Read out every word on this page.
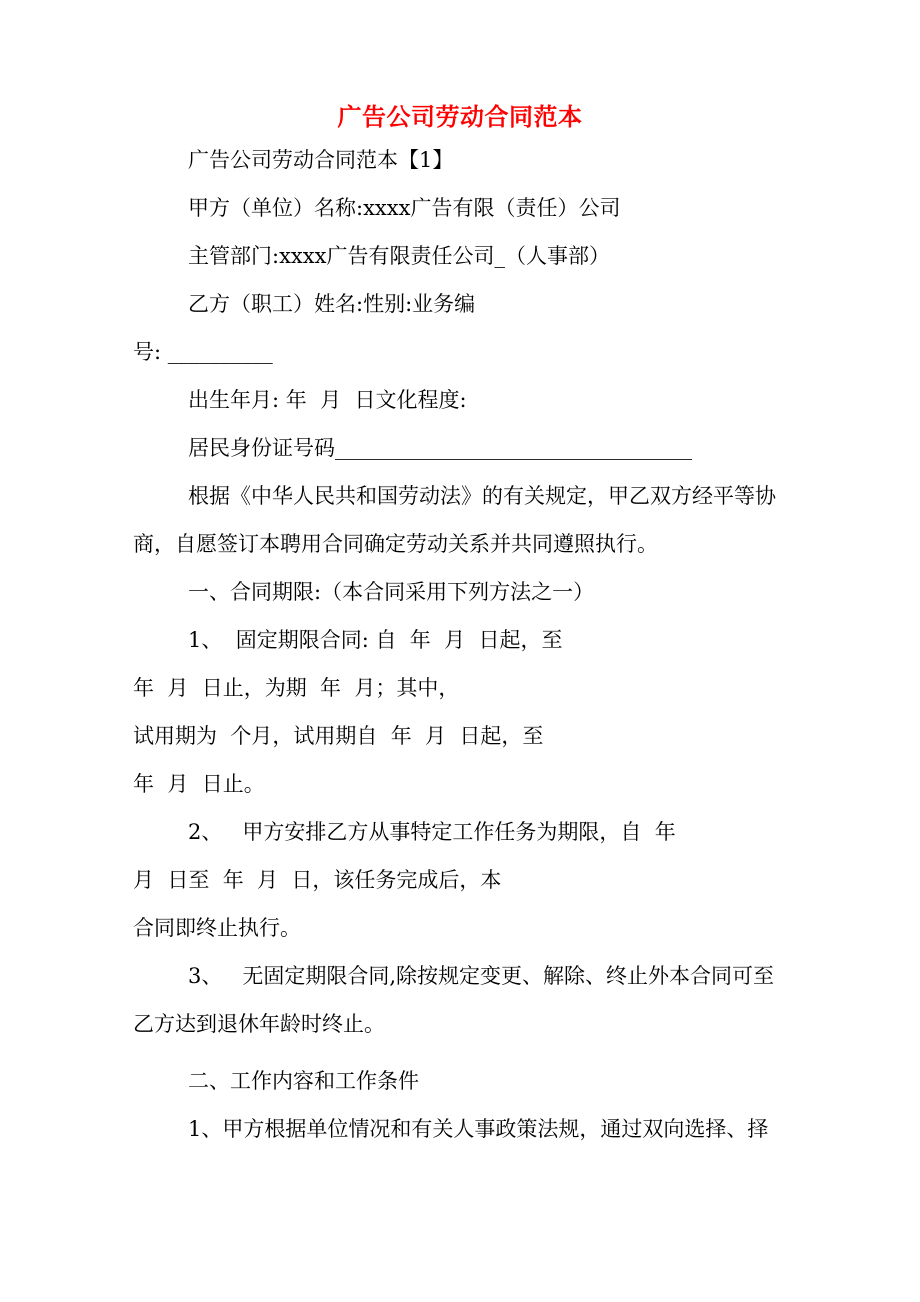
广告公司劳动合同范本
广告公司劳动合同范本【1】
甲方（单位）名称:xxxx广告有限（责任）公司
主管部门:xxxx广告有限责任公司_（人事部）
乙方（职工）姓名:性别:业务编
号: __________
出生年月: 年  月  日文化程度:
居民身份证号码__________________________________
根据《中华人民共和国劳动法》的有关规定，甲乙双方经平等协
商，自愿签订本聘用合同确定劳动关系并共同遵照执行。
一、合同期限:（本合同采用下列方法之一）
1、  固定期限合同: 自  年  月  日起，至
年  月  日止，为期  年  月；其中，
试用期为  个月，试用期自  年  月  日起，至
年  月  日止。
2、   甲方安排乙方从事特定工作任务为期限，自  年
月  日至  年  月  日，该任务完成后，本
合同即终止执行。
3、   无固定期限合同,除按规定变更、解除、终止外本合同可至
乙方达到退休年龄时终止。
二、工作内容和工作条件
1、甲方根据单位情况和有关人事政策法规，通过双向选择、择
